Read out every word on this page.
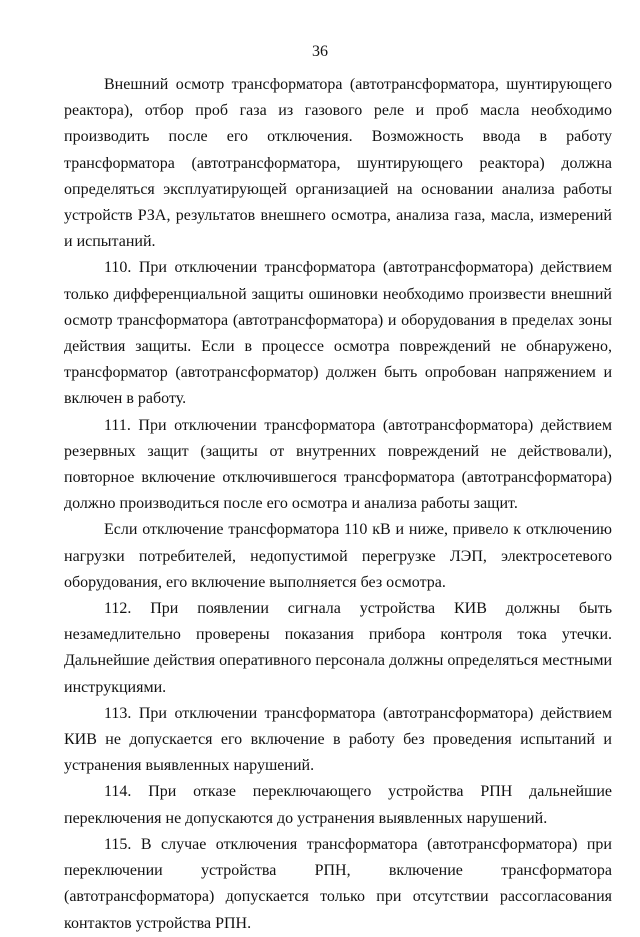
36

Внешний осмотр трансформатора (автотрансформатора, шунтирующего реактора), отбор проб газа из газового реле и проб масла необходимо производить после его отключения. Возможность ввода в работу трансформатора (автотрансформатора, шунтирующего реактора) должна определяться эксплуатирующей организацией на основании анализа работы устройств РЗА, результатов внешнего осмотра, анализа газа, масла, измерений и испытаний.

110. При отключении трансформатора (автотрансформатора) действием только дифференциальной защиты ошиновки необходимо произвести внешний осмотр трансформатора (автотрансформатора) и оборудования в пределах зоны действия защиты. Если в процессе осмотра повреждений не обнаружено, трансформатор (автотрансформатор) должен быть опробован напряжением и включен в работу.

111. При отключении трансформатора (автотрансформатора) действием резервных защит (защиты от внутренних повреждений не действовали), повторное включение отключившегося трансформатора (автотрансформатора) должно производиться после его осмотра и анализа работы защит.

Если отключение трансформатора 110 кВ и ниже, привело к отключению нагрузки потребителей, недопустимой перегрузке ЛЭП, электросетевого оборудования, его включение выполняется без осмотра.

112. При появлении сигнала устройства КИВ должны быть незамедлительно проверены показания прибора контроля тока утечки. Дальнейшие действия оперативного персонала должны определяться местными инструкциями.

113. При отключении трансформатора (автотрансформатора) действием КИВ не допускается его включение в работу без проведения испытаний и устранения выявленных нарушений.

114. При отказе переключающего устройства РПН дальнейшие переключения не допускаются до устранения выявленных нарушений.

115. В случае отключения трансформатора (автотрансформатора) при переключении устройства РПН, включение трансформатора (автотрансформатора) допускается только при отсутствии рассогласования контактов устройства РПН.
